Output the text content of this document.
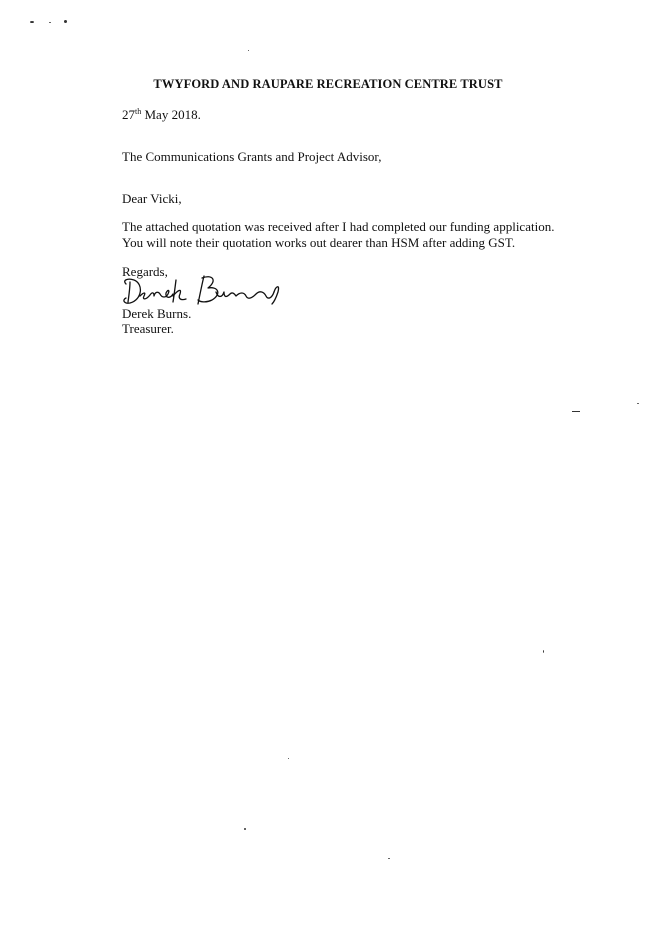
TWYFORD AND RAUPARE RECREATION CENTRE TRUST
27th May 2018.
The Communications Grants and Project Advisor,
Dear Vicki,
The attached quotation was received after I had completed our funding application.
You will note their quotation works out dearer than HSM after adding GST.
Regards,
Derek Burns.
Treasurer.
